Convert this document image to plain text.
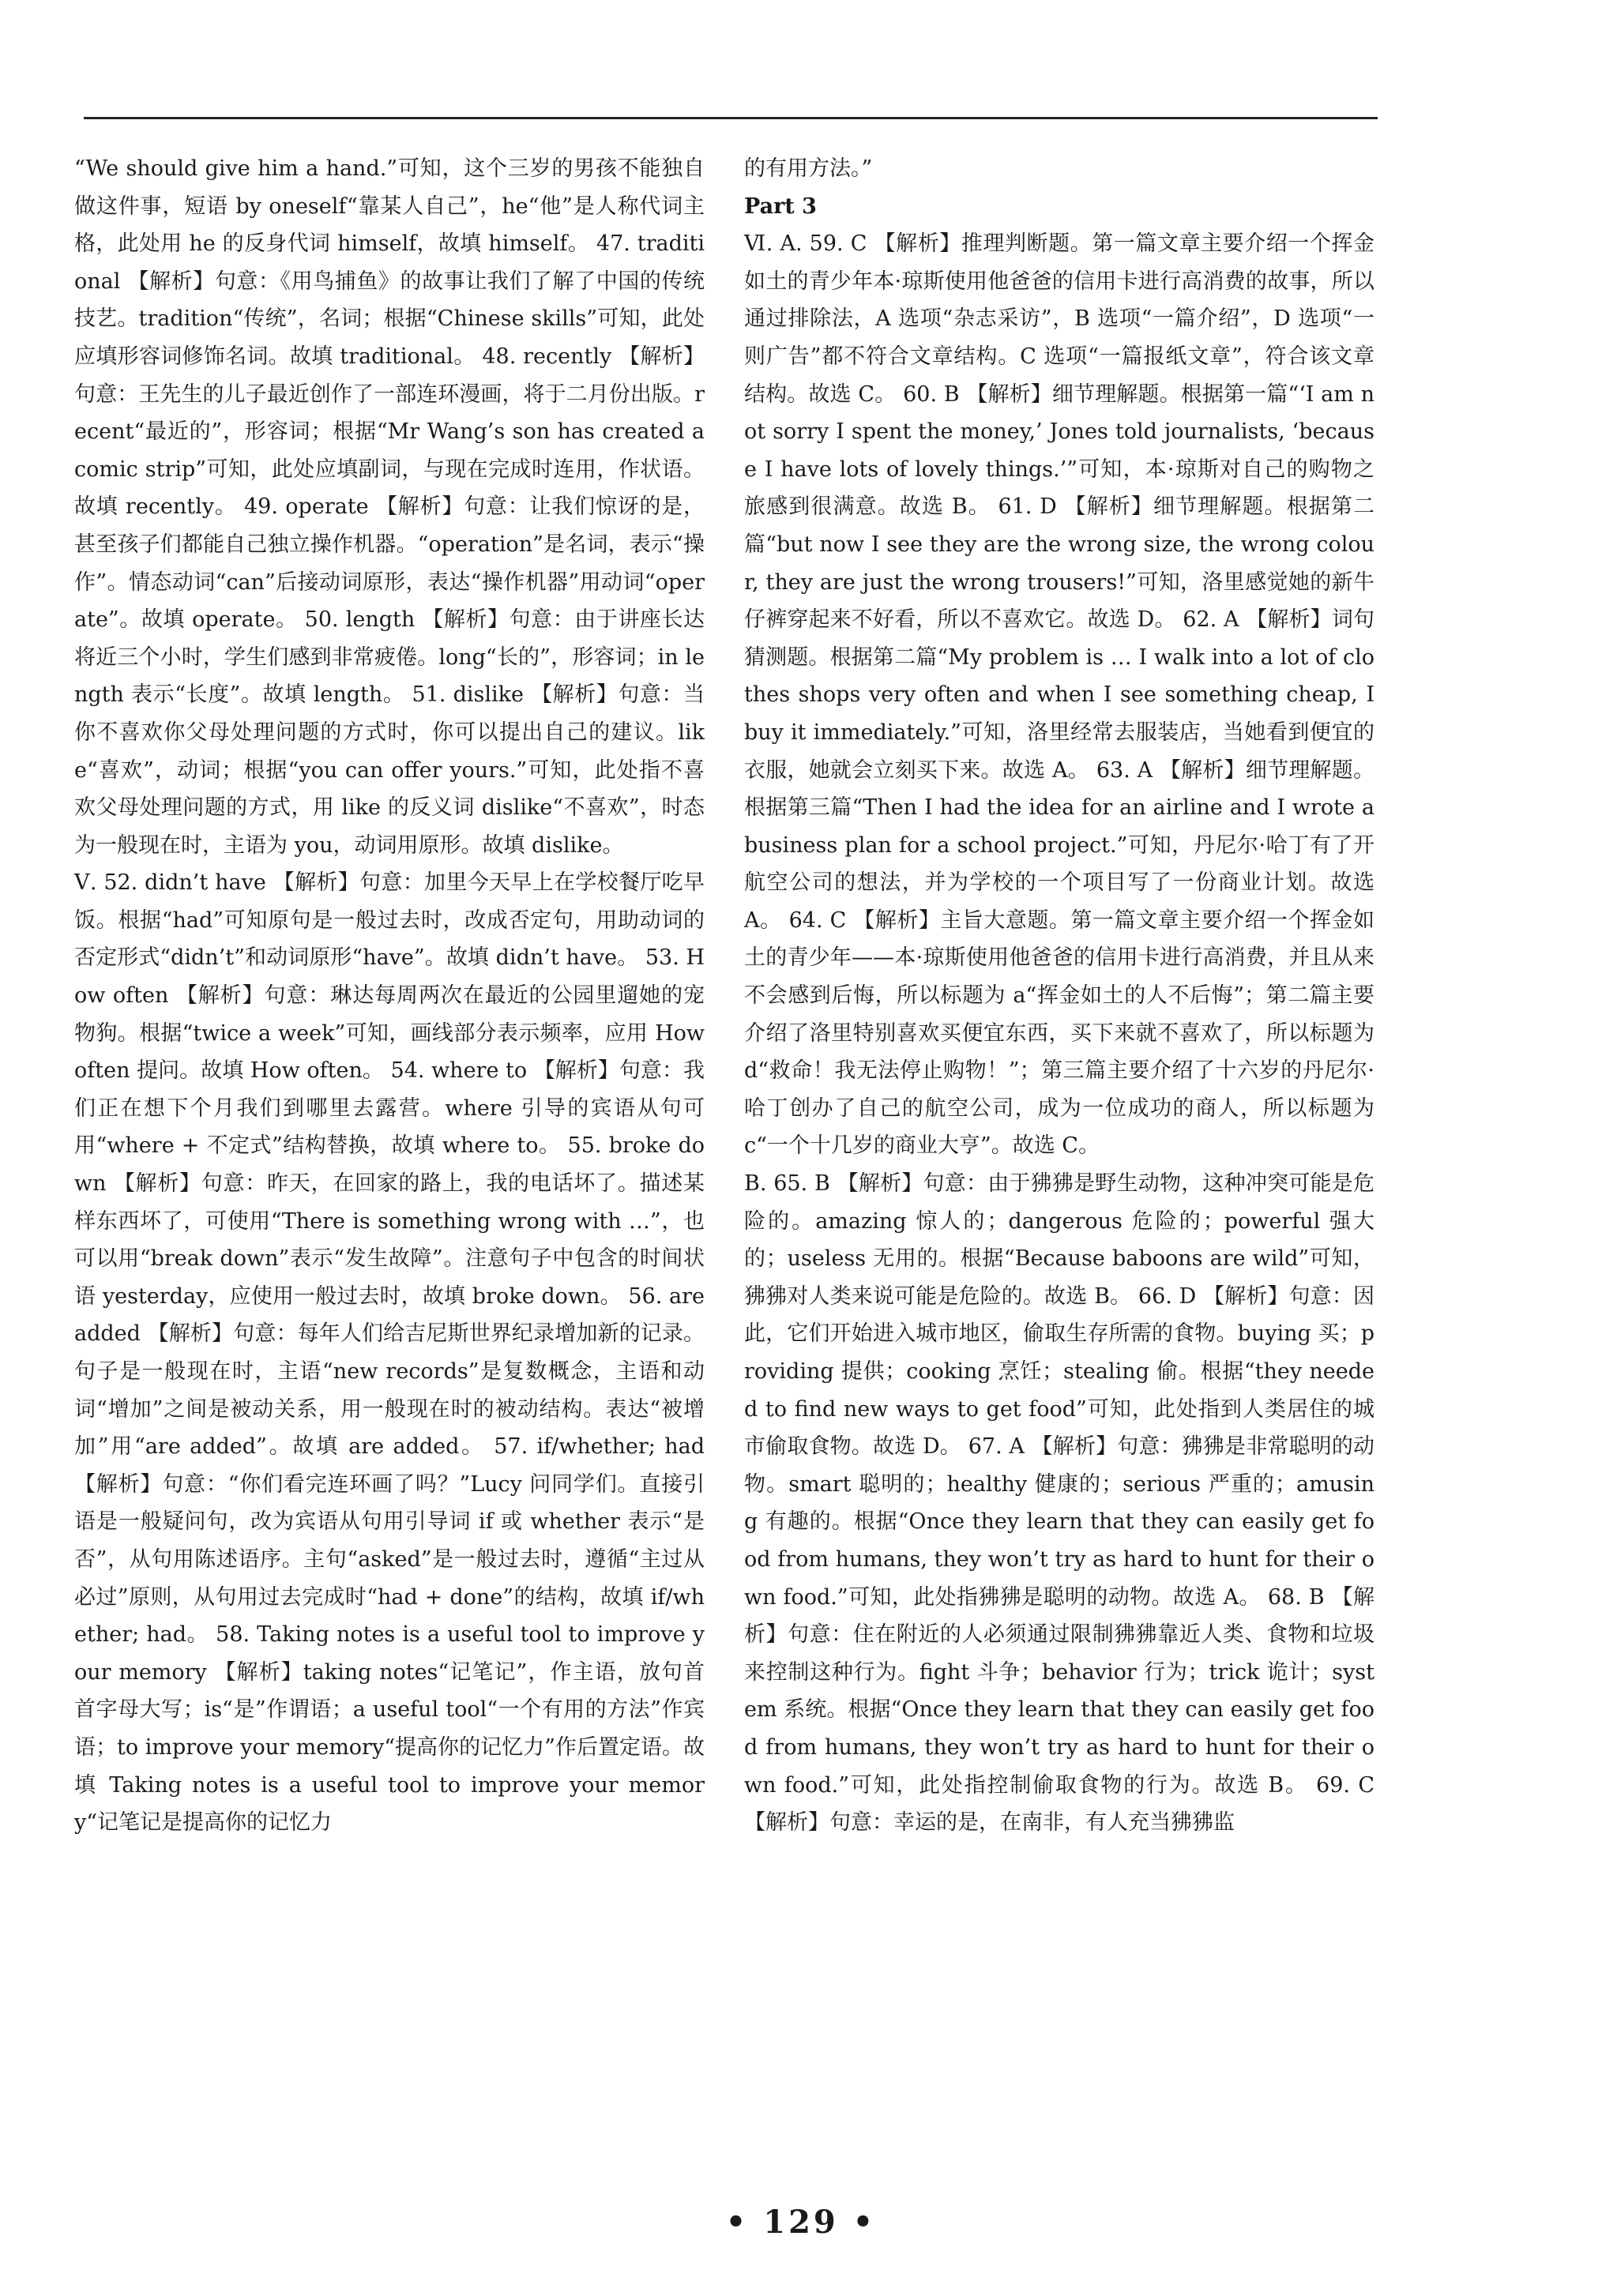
“We should give him a hand.”可知，这个三岁的男孩不能独自做这件事，短语 by oneself“靠某人自己”，he“他”是人称代词主格，此处用 he 的反身代词 himself，故填 himself。 47. traditional 【解析】句意：《用鸟捕鱼》的故事让我们了解了中国的传统技艺。tradition“传统”，名词；根据“Chinese skills”可知，此处应填形容词修饰名词。故填 traditional。 48. recently 【解析】句意：王先生的儿子最近创作了一部连环漫画，将于二月份出版。recent“最近的”，形容词；根据“Mr Wang’s son has created a comic strip”可知，此处应填副词，与现在完成时连用，作状语。故填 recently。 49. operate 【解析】句意：让我们惊讶的是，甚至孩子们都能自己独立操作机器。“operation”是名词，表示“操作”。情态动词“can”后接动词原形，表达“操作机器”用动词“operate”。故填 operate。 50. length 【解析】句意：由于讲座长达将近三个小时，学生们感到非常疲倦。long“长的”，形容词；in length 表示“长度”。故填 length。 51. dislike 【解析】句意：当你不喜欢你父母处理问题的方式时，你可以提出自己的建议。like“喜欢”，动词；根据“you can offer yours.”可知，此处指不喜欢父母处理问题的方式，用 like 的反义词 dislike“不喜欢”，时态为一般现在时，主语为 you，动词用原形。故填 dislike。

Ⅴ. 52. didn’t have 【解析】句意：加里今天早上在学校餐厅吃早饭。根据“had”可知原句是一般过去时，改成否定句，用助动词的否定形式“didn’t”和动词原形“have”。故填 didn’t have。 53. How often 【解析】句意：琳达每周两次在最近的公园里遛她的宠物狗。根据“twice a week”可知，画线部分表示频率，应用 How often 提问。故填 How often。 54. where to 【解析】句意：我们正在想下个月我们到哪里去露营。where 引导的宾语从句可用“where + 不定式”结构替换，故填 where to。 55. broke down 【解析】句意：昨天，在回家的路上，我的电话坏了。描述某样东西坏了，可使用“There is something wrong with …”，也可以用“break down”表示“发生故障”。注意句子中包含的时间状语 yesterday，应使用一般过去时，故填 broke down。 56. are added 【解析】句意：每年人们给吉尼斯世界纪录增加新的记录。句子是一般现在时，主语“new records”是复数概念，主语和动词“增加”之间是被动关系，用一般现在时的被动结构。表达“被增加”用“are added”。故填 are added。 57. if/whether; had 【解析】句意：“你们看完连环画了吗？”Lucy 问同学们。直接引语是一般疑问句，改为宾语从句用引导词 if 或 whether 表示“是否”，从句用陈述语序。主句“asked”是一般过去时，遵循“主过从必过”原则，从句用过去完成时“had + done”的结构，故填 if/whether; had。 58. Taking notes is a useful tool to improve your memory 【解析】taking notes“记笔记”，作主语，放句首首字母大写；is“是”作谓语；a useful tool“一个有用的方法”作宾语；to improve your memory“提高你的记忆力”作后置定语。故填 Taking notes is a useful tool to improve your memory“记笔记是提高你的记忆力

的有用方法。”

Part 3

Ⅵ. A. 59. C 【解析】推理判断题。第一篇文章主要介绍一个挥金如土的青少年本·琼斯使用他爸爸的信用卡进行高消费的故事，所以通过排除法，A 选项“杂志采访”，B 选项“一篇介绍”，D 选项“一则广告”都不符合文章结构。C 选项“一篇报纸文章”，符合该文章结构。故选 C。 60. B 【解析】细节理解题。根据第一篇“‘I am not sorry I spent the money,’ Jones told journalists, ‘because I have lots of lovely things.’”可知，本·琼斯对自己的购物之旅感到很满意。故选 B。 61. D 【解析】细节理解题。根据第二篇“but now I see they are the wrong size, the wrong colour, they are just the wrong trousers!”可知，洛里感觉她的新牛仔裤穿起来不好看，所以不喜欢它。故选 D。 62. A 【解析】词句猜测题。根据第二篇“My problem is … I walk into a lot of clothes shops very often and when I see something cheap, I buy it immediately.”可知，洛里经常去服装店，当她看到便宜的衣服，她就会立刻买下来。故选 A。 63. A 【解析】细节理解题。根据第三篇“Then I had the idea for an airline and I wrote a business plan for a school project.”可知，丹尼尔·哈丁有了开航空公司的想法，并为学校的一个项目写了一份商业计划。故选 A。 64. C 【解析】主旨大意题。第一篇文章主要介绍一个挥金如土的青少年——本·琼斯使用他爸爸的信用卡进行高消费，并且从来不会感到后悔，所以标题为 a“挥金如土的人不后悔”；第二篇主要介绍了洛里特别喜欢买便宜东西，买下来就不喜欢了，所以标题为 d“救命！我无法停止购物！”；第三篇主要介绍了十六岁的丹尼尔·哈丁创办了自己的航空公司，成为一位成功的商人，所以标题为 c“一个十几岁的商业大亨”。故选 C。

B. 65. B 【解析】句意：由于狒狒是野生动物，这种冲突可能是危险的。amazing 惊人的；dangerous 危险的；powerful 强大的；useless 无用的。根据“Because baboons are wild”可知，狒狒对人类来说可能是危险的。故选 B。 66. D 【解析】句意：因此，它们开始进入城市地区，偷取生存所需的食物。buying 买；providing 提供；cooking 烹饪；stealing 偷。根据“they needed to find new ways to get food”可知，此处指到人类居住的城市偷取食物。故选 D。 67. A 【解析】句意：狒狒是非常聪明的动物。smart 聪明的；healthy 健康的；serious 严重的；amusing 有趣的。根据“Once they learn that they can easily get food from humans, they won’t try as hard to hunt for their own food.”可知，此处指狒狒是聪明的动物。故选 A。 68. B 【解析】句意：住在附近的人必须通过限制狒狒靠近人类、食物和垃圾来控制这种行为。fight 斗争；behavior 行为；trick 诡计；system 系统。根据“Once they learn that they can easily get food from humans, they won’t try as hard to hunt for their own food.”可知，此处指控制偷取食物的行为。故选 B。 69. C 【解析】句意：幸运的是，在南非，有人充当狒狒监

• 129 •
